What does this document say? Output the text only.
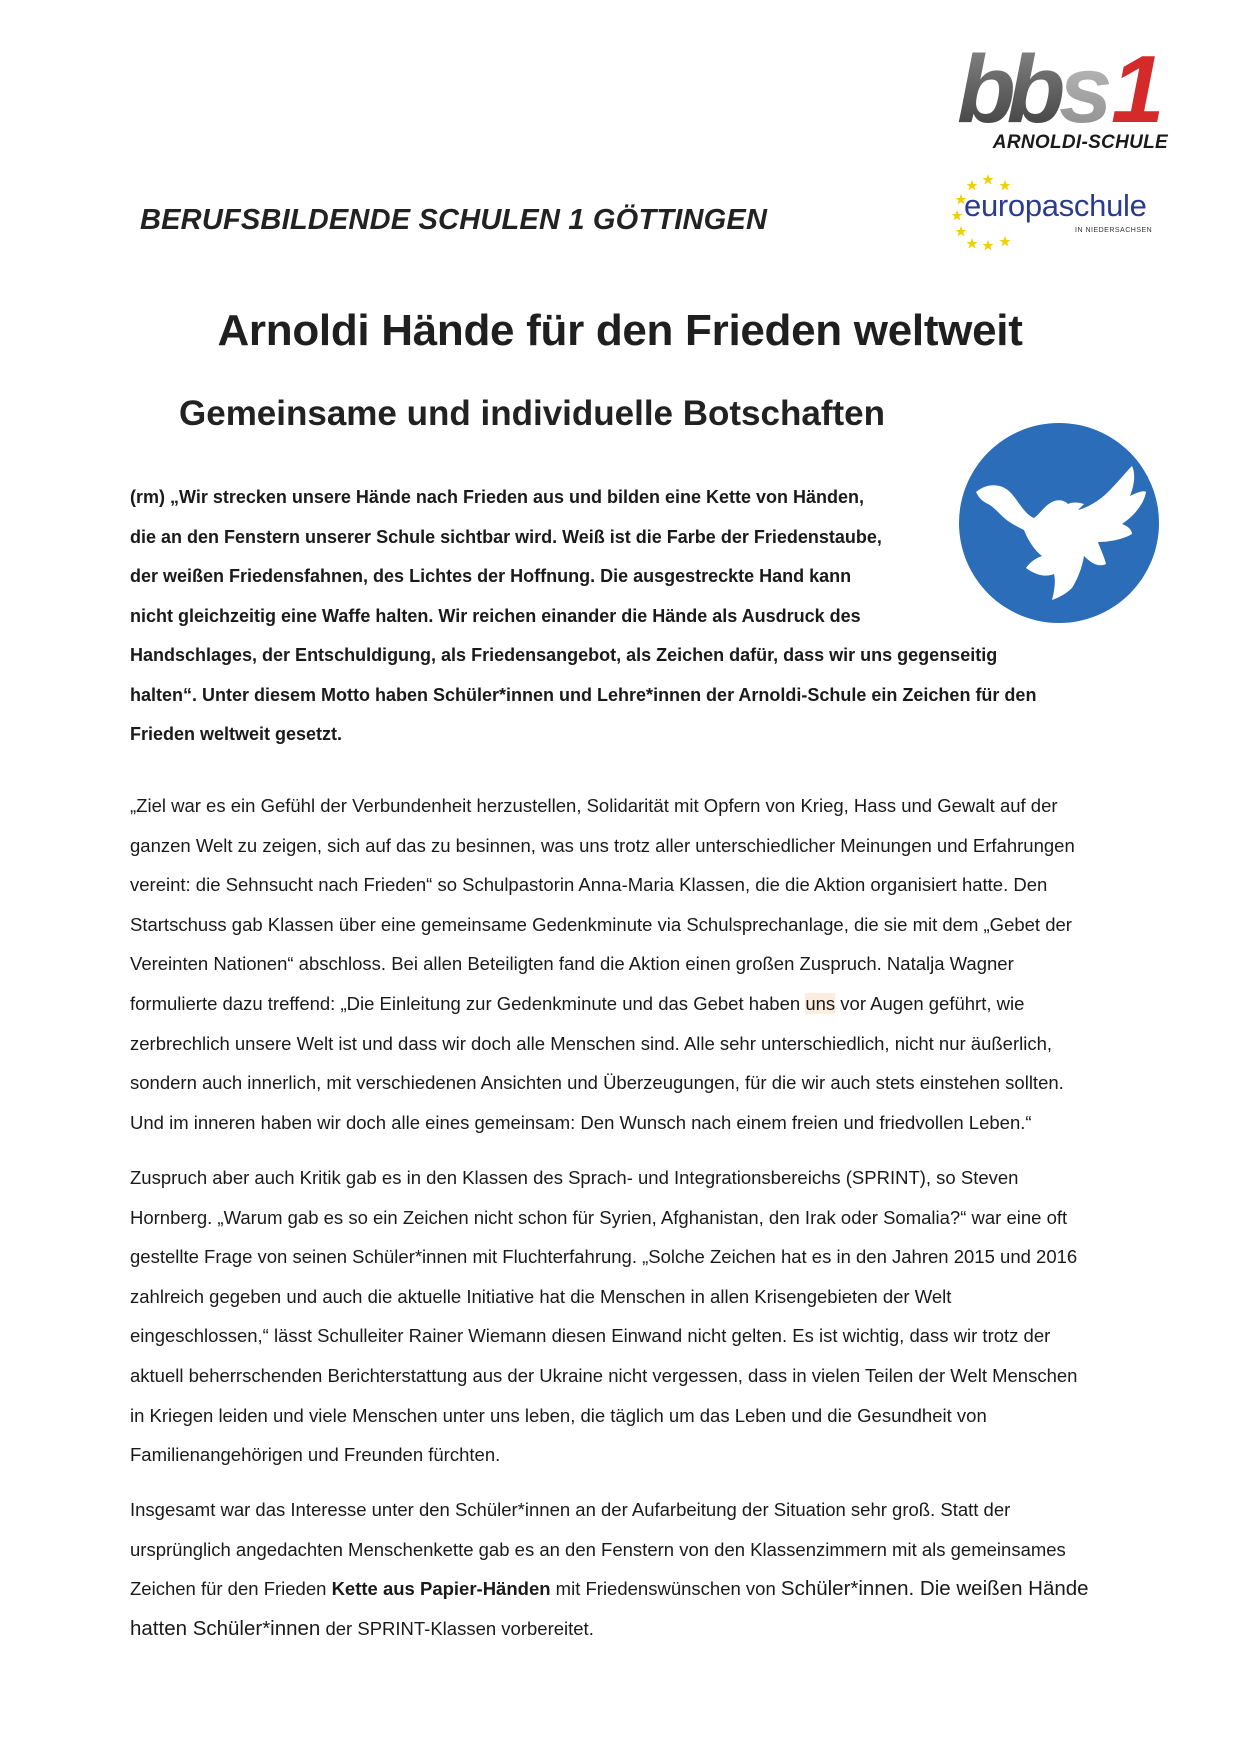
bb s 1
ARNOLDI-SCHULE
europaschule
IN NIEDERSACHSEN
BERUFSBILDENDE SCHULEN 1 GÖTTINGEN
Arnoldi Hände für den Frieden weltweit
Gemeinsame und individuelle Botschaften
(rm) „Wir strecken unsere Hände nach Frieden aus und bilden eine Kette von Händen,
die an den Fenstern unserer Schule sichtbar wird. Weiß ist die Farbe der Friedenstaube,
der weißen Friedensfahnen, des Lichtes der Hoffnung. Die ausgestreckte Hand kann
nicht gleichzeitig eine Waffe halten. Wir reichen einander die Hände als Ausdruck des
Handschlages, der Entschuldigung, als Friedensangebot, als Zeichen dafür, dass wir uns gegenseitig
halten“. Unter diesem Motto haben Schüler*innen und Lehre*innen der Arnoldi-Schule ein Zeichen für den
Frieden weltweit gesetzt.
„Ziel war es ein Gefühl der Verbundenheit herzustellen, Solidarität mit Opfern von Krieg, Hass und Gewalt auf der
ganzen Welt zu zeigen, sich auf das zu besinnen, was uns trotz aller unterschiedlicher Meinungen und Erfahrungen
vereint: die Sehnsucht nach Frieden“ so Schulpastorin Anna-Maria Klassen, die die Aktion organisiert hatte. Den
Startschuss gab Klassen über eine gemeinsame Gedenkminute via Schulsprechanlage, die sie mit dem „Gebet der
Vereinten Nationen“ abschloss. Bei allen Beteiligten fand die Aktion einen großen Zuspruch. Natalja Wagner
formulierte dazu treffend: „Die Einleitung zur Gedenkminute und das Gebet haben uns vor Augen geführt, wie
zerbrechlich unsere Welt ist und dass wir doch alle Menschen sind. Alle sehr unterschiedlich, nicht nur äußerlich,
sondern auch innerlich, mit verschiedenen Ansichten und Überzeugungen, für die wir auch stets einstehen sollten.
Und im inneren haben wir doch alle eines gemeinsam: Den Wunsch nach einem freien und friedvollen Leben.“
Zuspruch aber auch Kritik gab es in den Klassen des Sprach- und Integrationsbereichs (SPRINT), so Steven
Hornberg. „Warum gab es so ein Zeichen nicht schon für Syrien, Afghanistan, den Irak oder Somalia?“ war eine oft
gestellte Frage von seinen Schüler*innen mit Fluchterfahrung. „Solche Zeichen hat es in den Jahren 2015 und 2016
zahlreich gegeben und auch die aktuelle Initiative hat die Menschen in allen Krisengebieten der Welt
eingeschlossen,“ lässt Schulleiter Rainer Wiemann diesen Einwand nicht gelten. Es ist wichtig, dass wir trotz der
aktuell beherrschenden Berichterstattung aus der Ukraine nicht vergessen, dass in vielen Teilen der Welt Menschen
in Kriegen leiden und viele Menschen unter uns leben, die täglich um das Leben und die Gesundheit von
Familienangehörigen und Freunden fürchten.
Insgesamt war das Interesse unter den Schüler*innen an der Aufarbeitung der Situation sehr groß. Statt der
ursprünglich angedachten Menschenkette gab es an den Fenstern von den Klassenzimmern mit als gemeinsames
Zeichen für den Frieden Kette aus Papier-Händen mit Friedenswünschen von Schüler*innen. Die weißen Hände
hatten Schüler*innen der SPRINT-Klassen vorbereitet.
